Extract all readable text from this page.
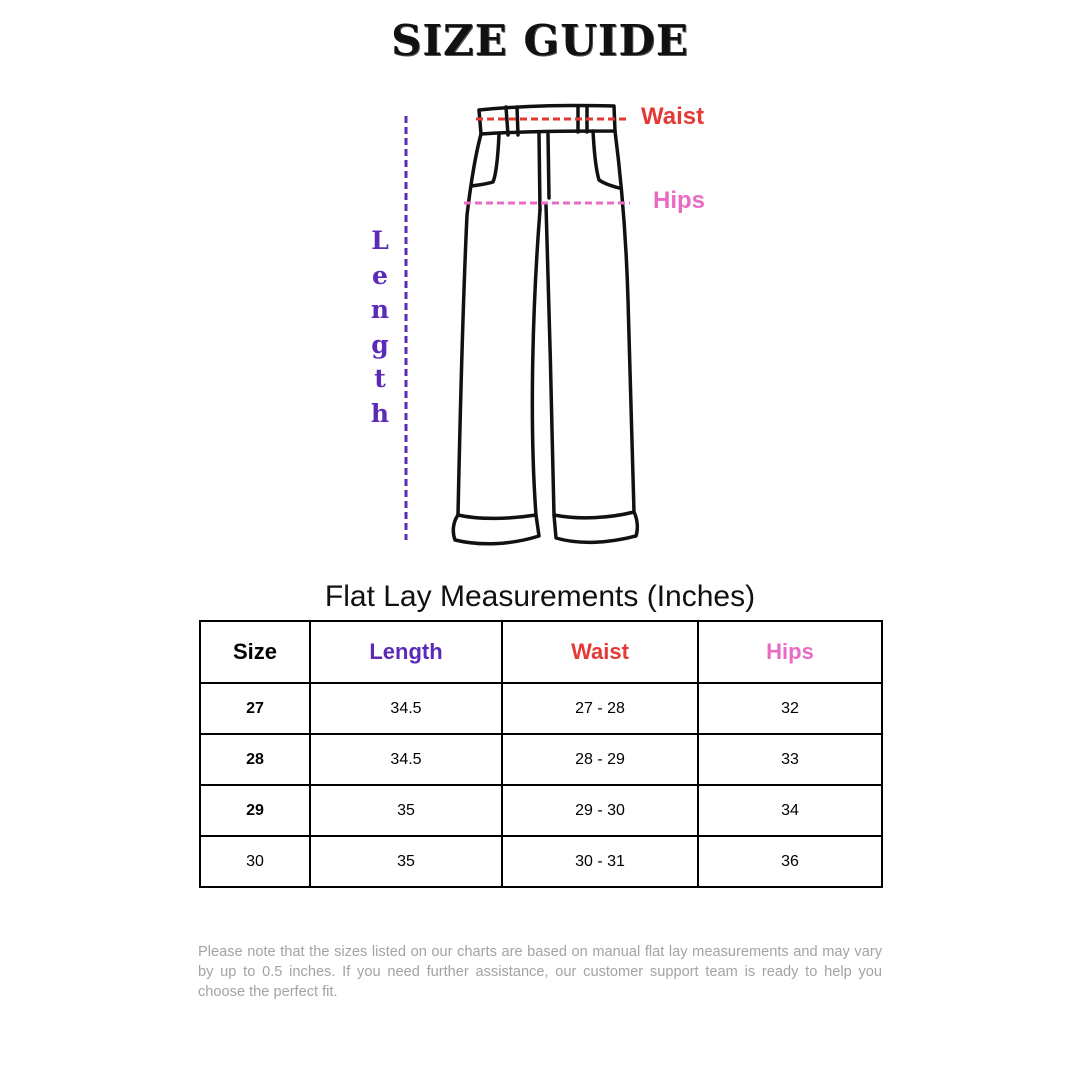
SIZE GUIDE
Waist
Hips
L
e
n
g
t
h
Flat Lay Measurements (Inches)
Size	Length	Waist	Hips
27	34.5	27 - 28	32
28	34.5	28 - 29	33
29	35	29 - 30	34
30	35	30 - 31	36
Please note that the sizes listed on our charts are based on manual flat lay measurements and may vary by up to 0.5 inches. If you need further assistance, our customer support team is ready to help you choose the perfect fit.
